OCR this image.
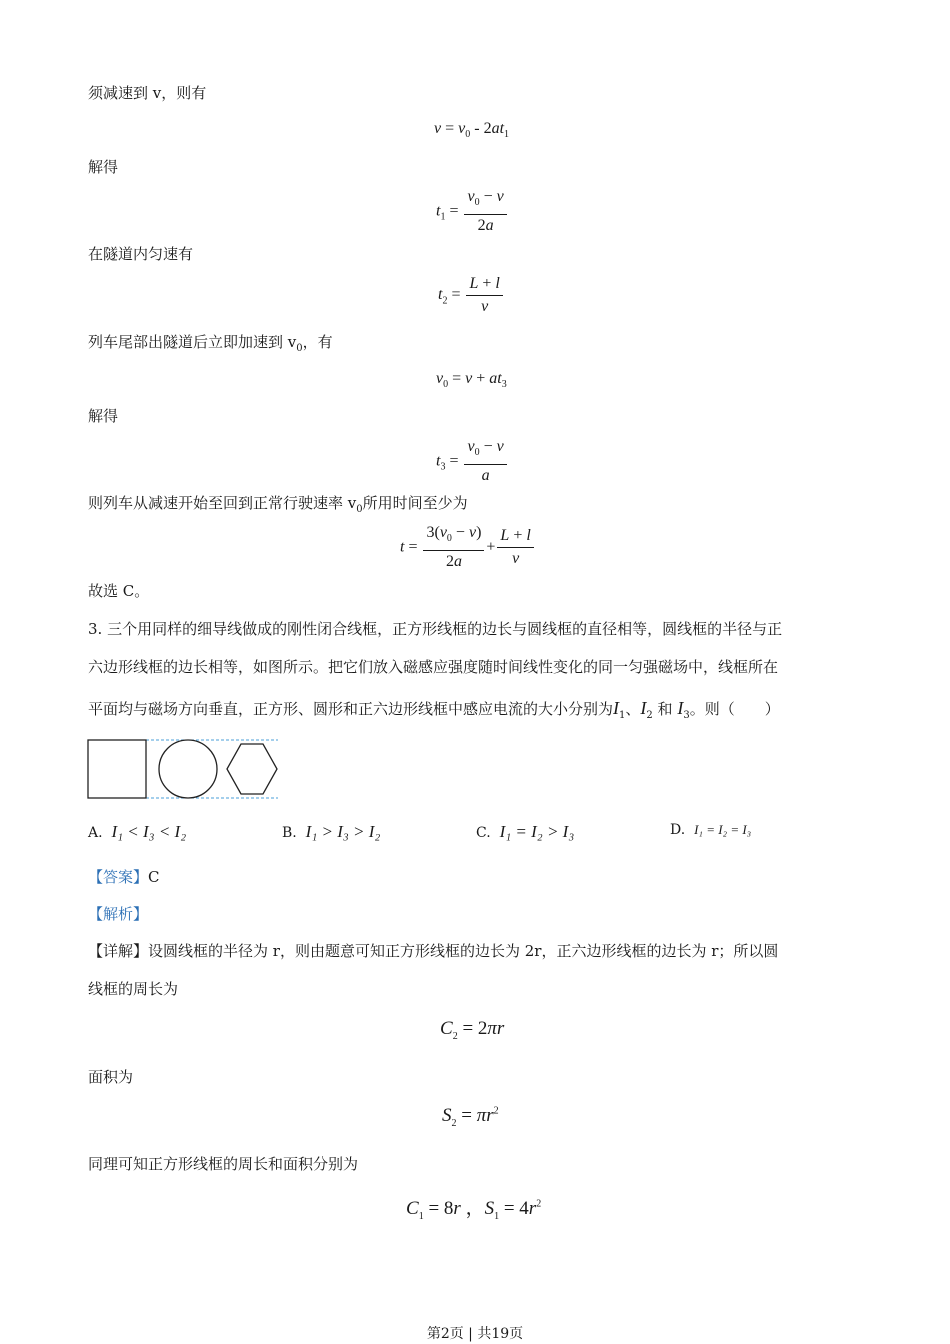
须减速到 v，则有
$v = v_0 - 2at_1$
解得
$t_1 = \frac{v_0 - v}{2a}$
在隧道内匀速有
$t_2 = \frac{L + l}{v}$
列车尾部出隧道后立即加速到 $v_0$，有
$v_0 = v + at_3$
解得
$t_3 = \frac{v_0 - v}{a}$
则列车从减速开始至回到正常行驶速率 $v_0$所用时间至少为
$t = \frac{3(v_0 - v)}{2a} + \frac{L + l}{v}$
故选 C。
3. 三个用同样的细导线做成的刚性闭合线框，正方形线框的边长与圆线框的直径相等，圆线框的半径与正
六边形线框的边长相等，如图所示。把它们放入磁感应强度随时间线性变化的同一匀强磁场中，线框所在
平面均与磁场方向垂直，正方形、圆形和正六边形线框中感应电流的大小分别为$I_1$、$I_2$ 和 $I_3$。则（　　）
A. I₁ < I₃ < I₂	B. I₁ > I₃ > I₂	C. I₁ = I₂ > I₃	D. I₁ = I₂ = I₃
【答案】C
【解析】
【详解】设圆线框的半径为 r，则由题意可知正方形线框的边长为 2r，正六边形线框的边长为 r；所以圆
线框的周长为
$C_2 = 2\pi r$
面积为
$S_2 = \pi r^2$
同理可知正方形线框的周长和面积分别为
$C_1 = 8r$ ，$S_1 = 4r^2$
第2页 | 共19页
